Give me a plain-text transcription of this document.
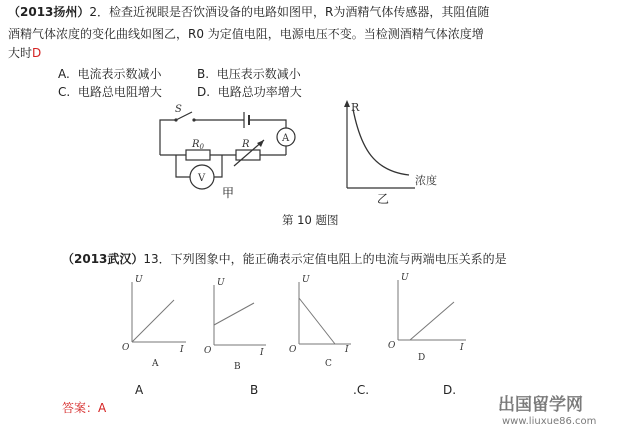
（2013扬州）2．检查近视眼是否饮酒设备的电路如图甲，R为酒精气体传感器，其阻值随
酒精气体浓度的变化曲线如图乙，R0 为定值电阻，电源电压不变。当检测酒精气体浓度增
大时D
A. 电流表示数减小	B. 电压表示数减小
C. 电路总电阻增大	D. 电路总功率增大
S
$R_0$	R
A
V
甲
R
浓度
乙
第 10 题图
（2013武汉）13．下列图象中，能正确表示定值电阻上的电流与两端电压关系的是
U
I
O
A
U
I
O
B
U
I
O
C
U
I
O
D
A	B	.C.	D.
答案：A	出国留学网
www.liuxue86.com
